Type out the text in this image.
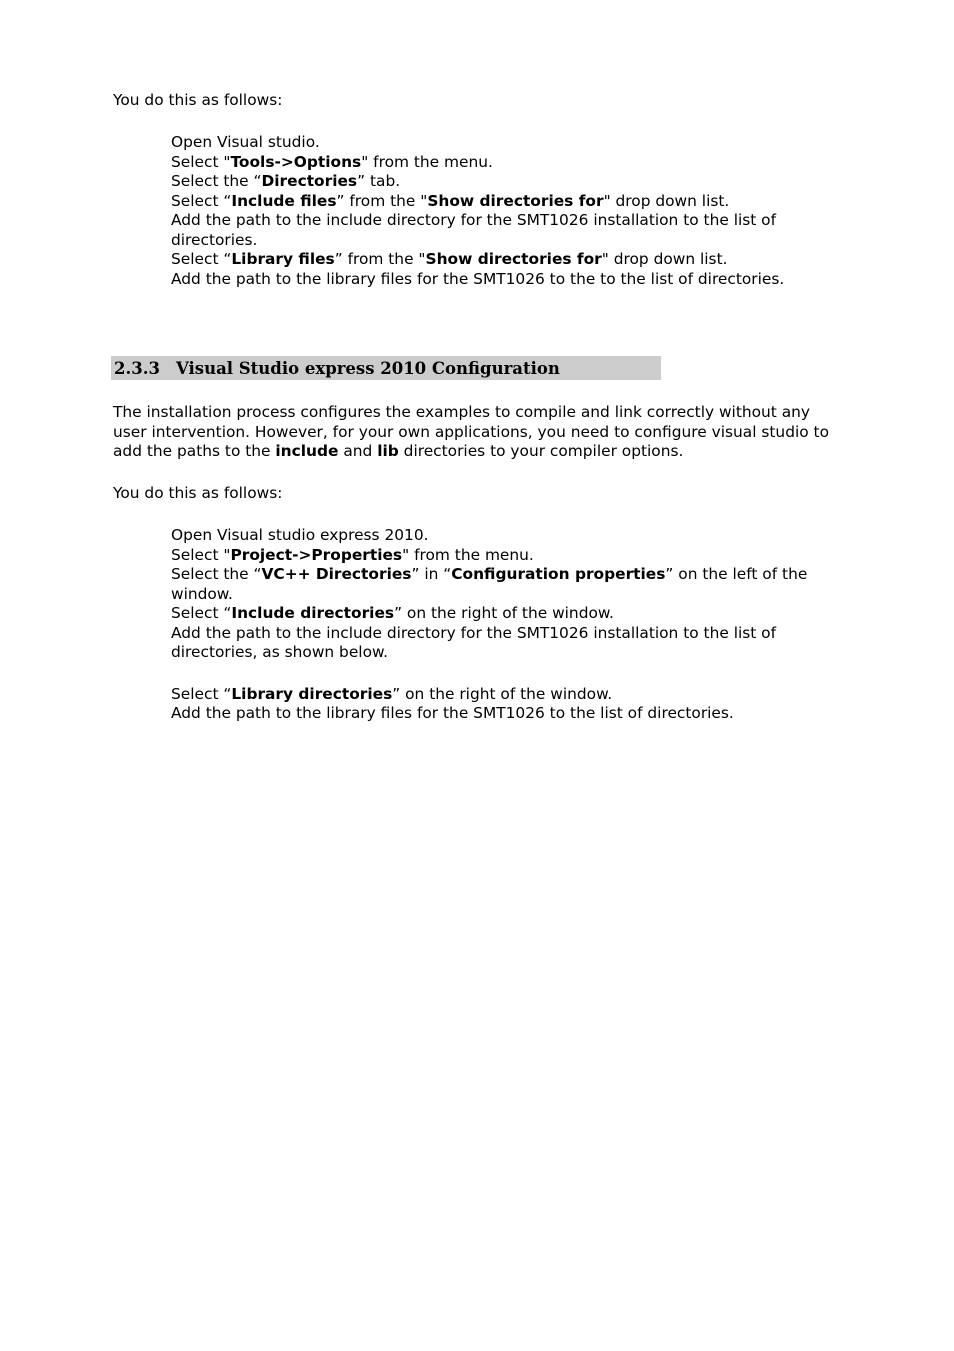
You do this as follows:

Open Visual studio.
Select "Tools->Options" from the menu.
Select the “Directories” tab.
Select “Include files” from the "Show directories for" drop down list.
Add the path to the include directory for the SMT1026 installation to the list of directories.
Select “Library files” from the "Show directories for" drop down list.
Add the path to the library files for the SMT1026 to the to the list of directories.
2.3.3 Visual Studio express 2010 Configuration

The installation process configures the examples to compile and link correctly without any user intervention. However, for your own applications, you need to configure visual studio to add the paths to the include and lib directories to your compiler options.

You do this as follows:

Open Visual studio express 2010.
Select "Project->Properties" from the menu.
Select the “VC++ Directories” in “Configuration properties” on the left of the window.
Select “Include directories” on the right of the window.
Add the path to the include directory for the SMT1026 installation to the list of directories, as shown below.
Select “Library directories” on the right of the window.
Add the path to the library files for the SMT1026 to the list of directories.
